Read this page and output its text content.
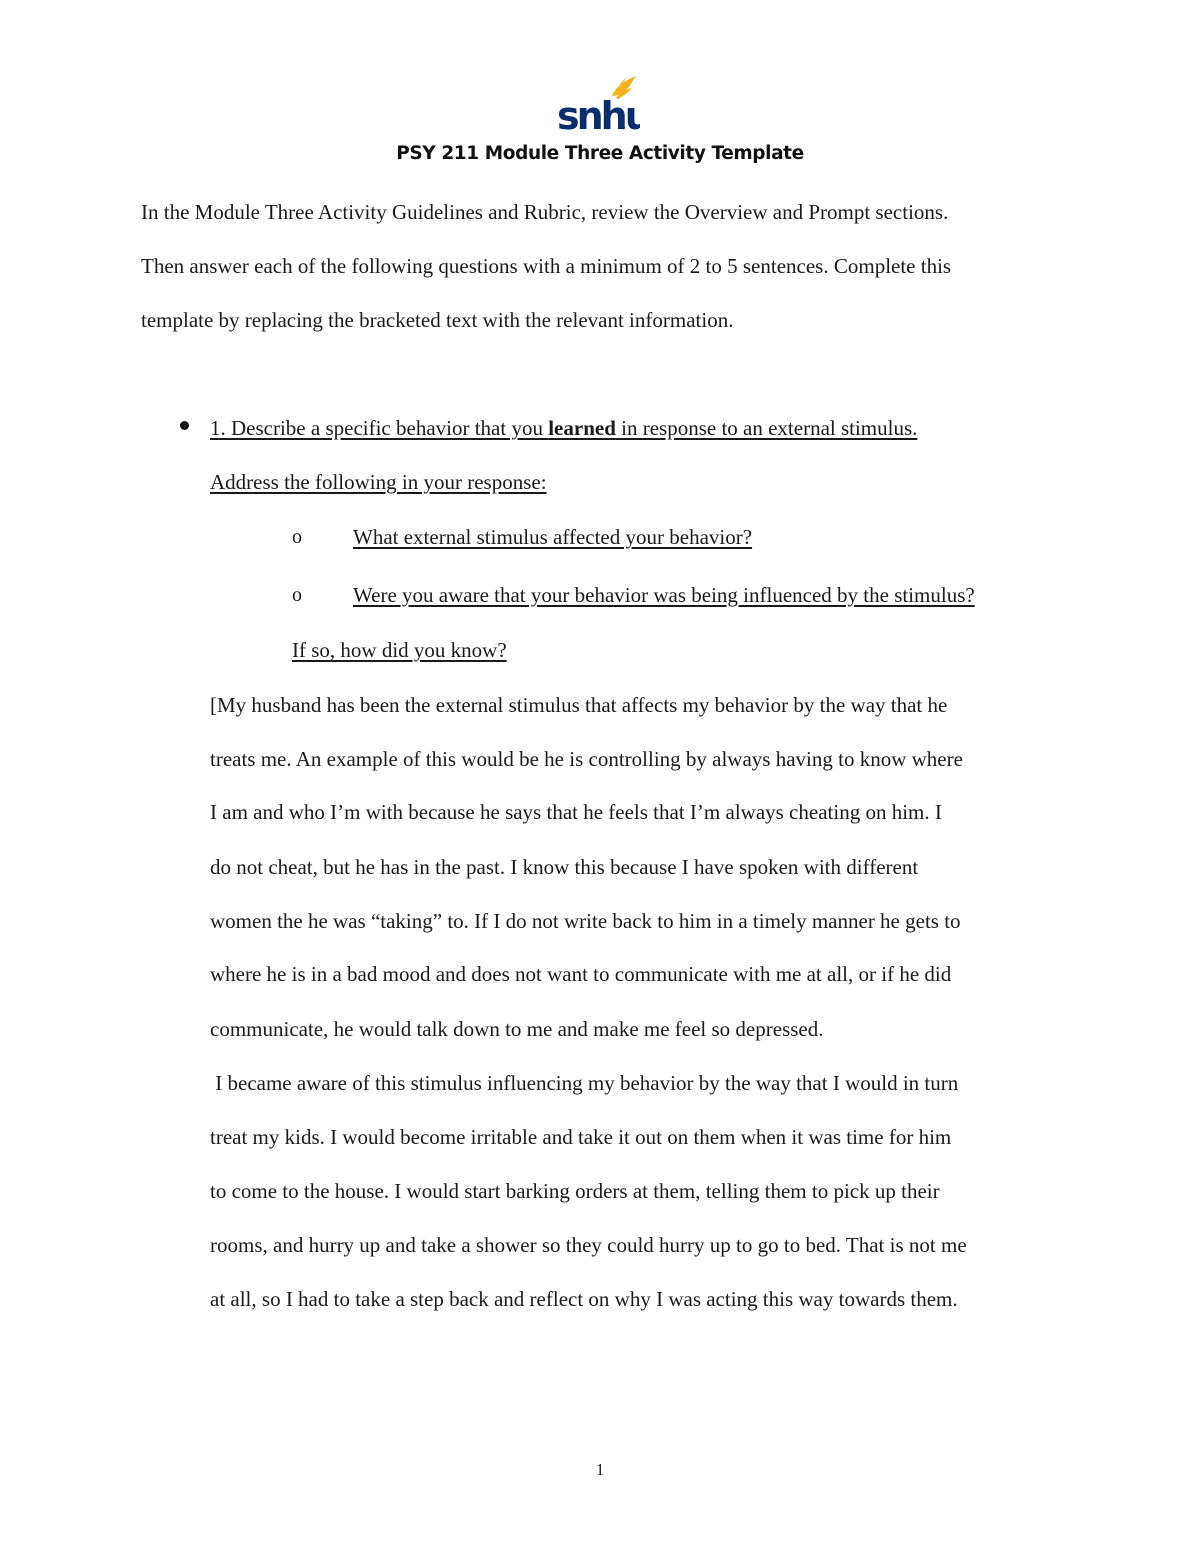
snhu
PSY 211 Module Three Activity Template
In the Module Three Activity Guidelines and Rubric, review the Overview and Prompt sections.
Then answer each of the following questions with a minimum of 2 to 5 sentences. Complete this
template by replacing the bracketed text with the relevant information.
1. Describe a specific behavior that you learned in response to an external stimulus.
Address the following in your response:
o What external stimulus affected your behavior?
o Were you aware that your behavior was being influenced by the stimulus?
If so, how did you know?
[My husband has been the external stimulus that affects my behavior by the way that he
treats me. An example of this would be he is controlling by always having to know where
I am and who I’m with because he says that he feels that I’m always cheating on him. I
do not cheat, but he has in the past. I know this because I have spoken with different
women the he was “taking” to. If I do not write back to him in a timely manner he gets to
where he is in a bad mood and does not want to communicate with me at all, or if he did
communicate, he would talk down to me and make me feel so depressed.
I became aware of this stimulus influencing my behavior by the way that I would in turn
treat my kids. I would become irritable and take it out on them when it was time for him
to come to the house. I would start barking orders at them, telling them to pick up their
rooms, and hurry up and take a shower so they could hurry up to go to bed. That is not me
at all, so I had to take a step back and reflect on why I was acting this way towards them.
1
